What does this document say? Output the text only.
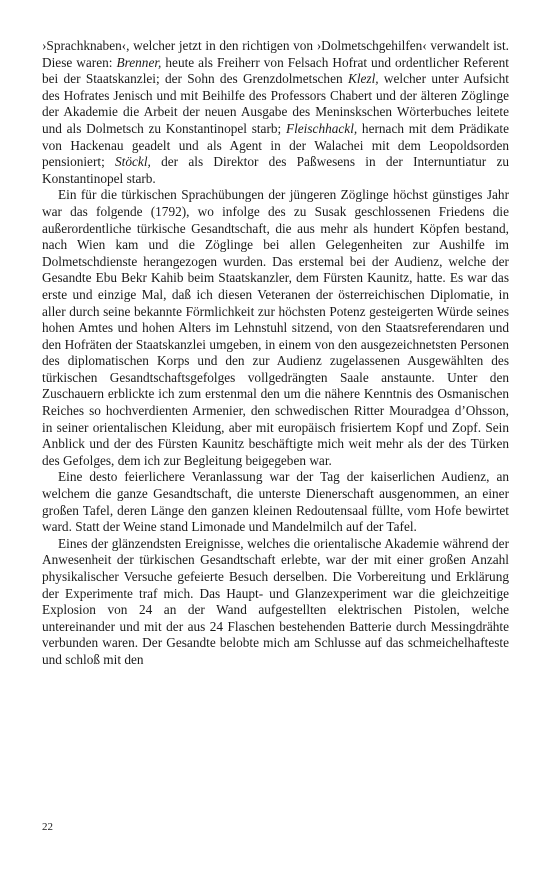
›Sprachknaben‹, welcher jetzt in den richtigen von ›Dolmetschgehilfen‹ verwandelt ist. Diese waren: Brenner, heute als Freiherr von Felsach Hofrat und ordentlicher Referent bei der Staatskanzlei; der Sohn des Grenzdolmetschen Klezl, welcher unter Aufsicht des Hofrates Jenisch und mit Beihilfe des Professors Chabert und der älteren Zöglinge der Akademie die Arbeit der neuen Ausgabe des Meninskschen Wörterbuches leitete und als Dolmetsch zu Konstantinopel starb; Fleischhackl, hernach mit dem Prädikate von Hackenau geadelt und als Agent in der Walachei mit dem Leopoldsorden pensioniert; Stöckl, der als Direktor des Paßwesens in der Internuntiatur zu Konstantinopel starb.

Ein für die türkischen Sprachübungen der jüngeren Zöglinge höchst günstiges Jahr war das folgende (1792), wo infolge des zu Susak geschlossenen Friedens die außerordentliche türkische Gesandtschaft, die aus mehr als hundert Köpfen bestand, nach Wien kam und die Zöglinge bei allen Gelegenheiten zur Aushilfe im Dolmetschdienste herangezogen wurden. Das erstemal bei der Audienz, welche der Gesandte Ebu Bekr Kahib beim Staatskanzler, dem Fürsten Kaunitz, hatte. Es war das erste und einzige Mal, daß ich diesen Veteranen der österreichischen Diplomatie, in aller durch seine bekannte Förmlichkeit zur höchsten Potenz gesteigerten Würde seines hohen Amtes und hohen Alters im Lehnstuhl sitzend, von den Staatsreferendaren und den Hofräten der Staatskanzlei umgeben, in einem von den ausgezeichnetsten Personen des diplomatischen Korps und den zur Audienz zugelassenen Ausgewählten des türkischen Gesandtschaftsgefolges vollgedrängten Saale anstaunte. Unter den Zuschauern erblickte ich zum erstenmal den um die nähere Kenntnis des Osmanischen Reiches so hochverdienten Armenier, den schwedischen Ritter Mouradgea d’Ohsson, in seiner orientalischen Kleidung, aber mit europäisch frisiertem Kopf und Zopf. Sein Anblick und der des Fürsten Kaunitz beschäftigte mich weit mehr als der des Türken des Gefolges, dem ich zur Begleitung beigegeben war.

Eine desto feierlichere Veranlassung war der Tag der kaiserlichen Audienz, an welchem die ganze Gesandtschaft, die unterste Dienerschaft ausgenommen, an einer großen Tafel, deren Länge den ganzen kleinen Redoutensaal füllte, vom Hofe bewirtet ward. Statt der Weine stand Limonade und Mandelmilch auf der Tafel.

Eines der glänzendsten Ereignisse, welches die orientalische Akademie während der Anwesenheit der türkischen Gesandtschaft erlebte, war der mit einer großen Anzahl physikalischer Versuche gefeierte Besuch derselben. Die Vorbereitung und Erklärung der Experimente traf mich. Das Haupt- und Glanzexperiment war die gleichzeitige Explosion von 24 an der Wand aufgestellten elektrischen Pistolen, welche untereinander und mit der aus 24 Flaschen bestehenden Batterie durch Messingdrähte verbunden waren. Der Gesandte belobte mich am Schlusse auf das schmeichelhafteste und schloß mit den

22
